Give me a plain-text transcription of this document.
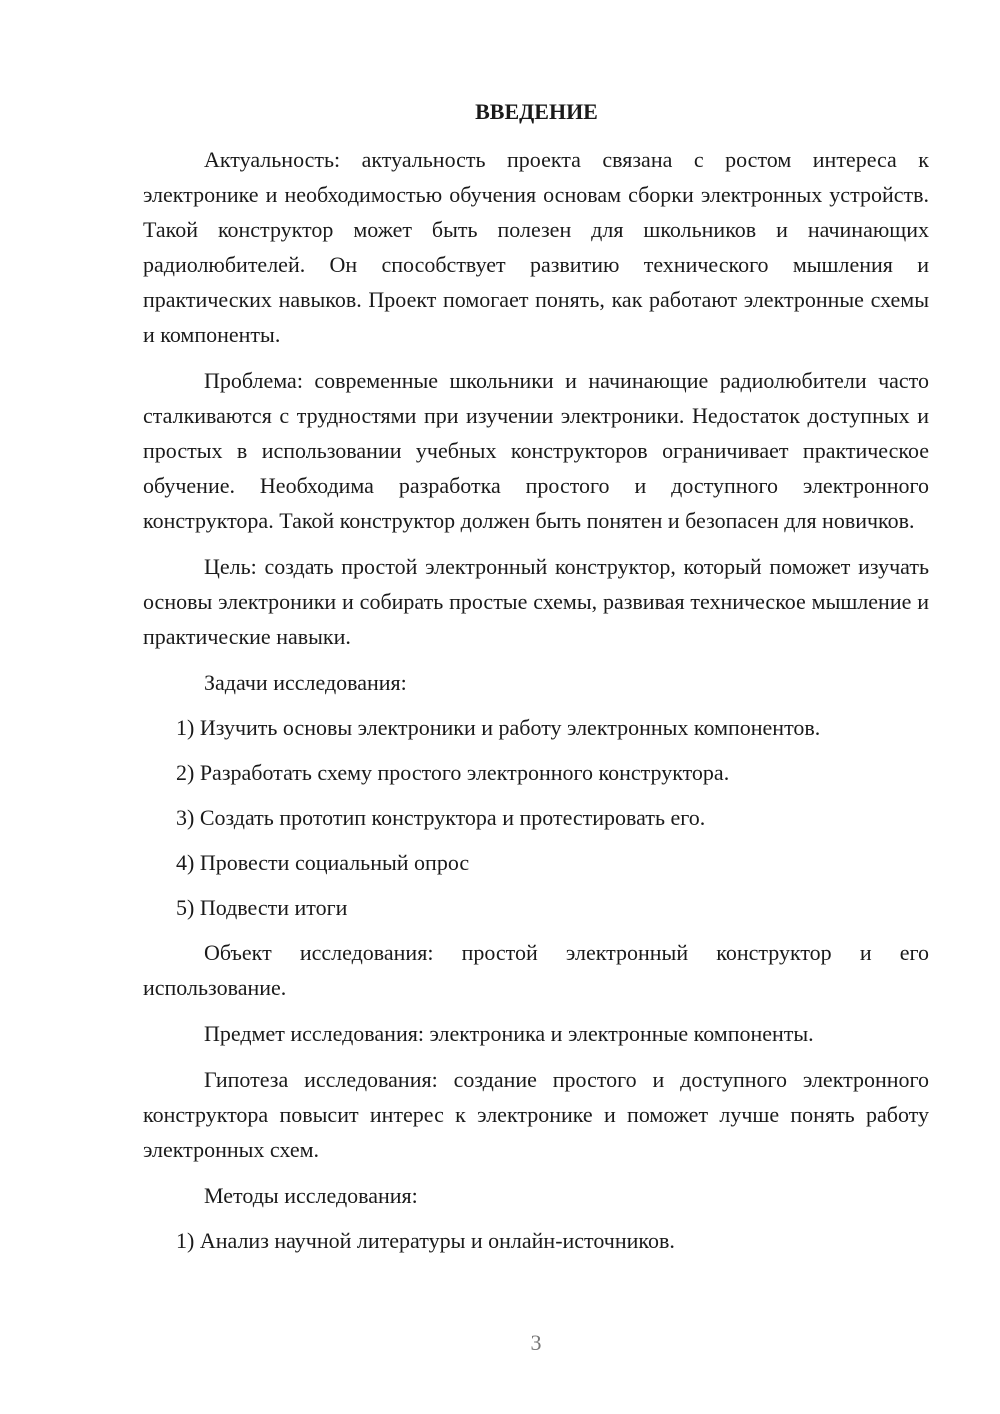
ВВЕДЕНИЕ
Актуальность: актуальность проекта связана с ростом интереса к электронике и необходимостью обучения основам сборки электронных устройств. Такой конструктор может быть полезен для школьников и начинающих радиолюбителей. Он способствует развитию технического мышления и практических навыков. Проект помогает понять, как работают электронные схемы и компоненты.
Проблема: современные школьники и начинающие радиолюбители часто сталкиваются с трудностями при изучении электроники. Недостаток доступных и простых в использовании учебных конструкторов ограничивает практическое обучение. Необходима разработка простого и доступного электронного конструктора. Такой конструктор должен быть понятен и безопасен для новичков.
Цель: создать простой электронный конструктор, который поможет изучать основы электроники и собирать простые схемы, развивая техническое мышление и практические навыки.
Задачи исследования:
1) Изучить основы электроники и работу электронных компонентов.
2) Разработать схему простого электронного конструктора.
3) Создать прототип конструктора и протестировать его.
4) Провести социальный опрос
5) Подвести итоги
Объект исследования: простой электронный конструктор и его использование.
Предмет исследования: электроника и электронные компоненты.
Гипотеза исследования: создание простого и доступного электронного конструктора повысит интерес к электронике и поможет лучше понять работу электронных схем.
Методы исследования:
1) Анализ научной литературы и онлайн-источников.
3
